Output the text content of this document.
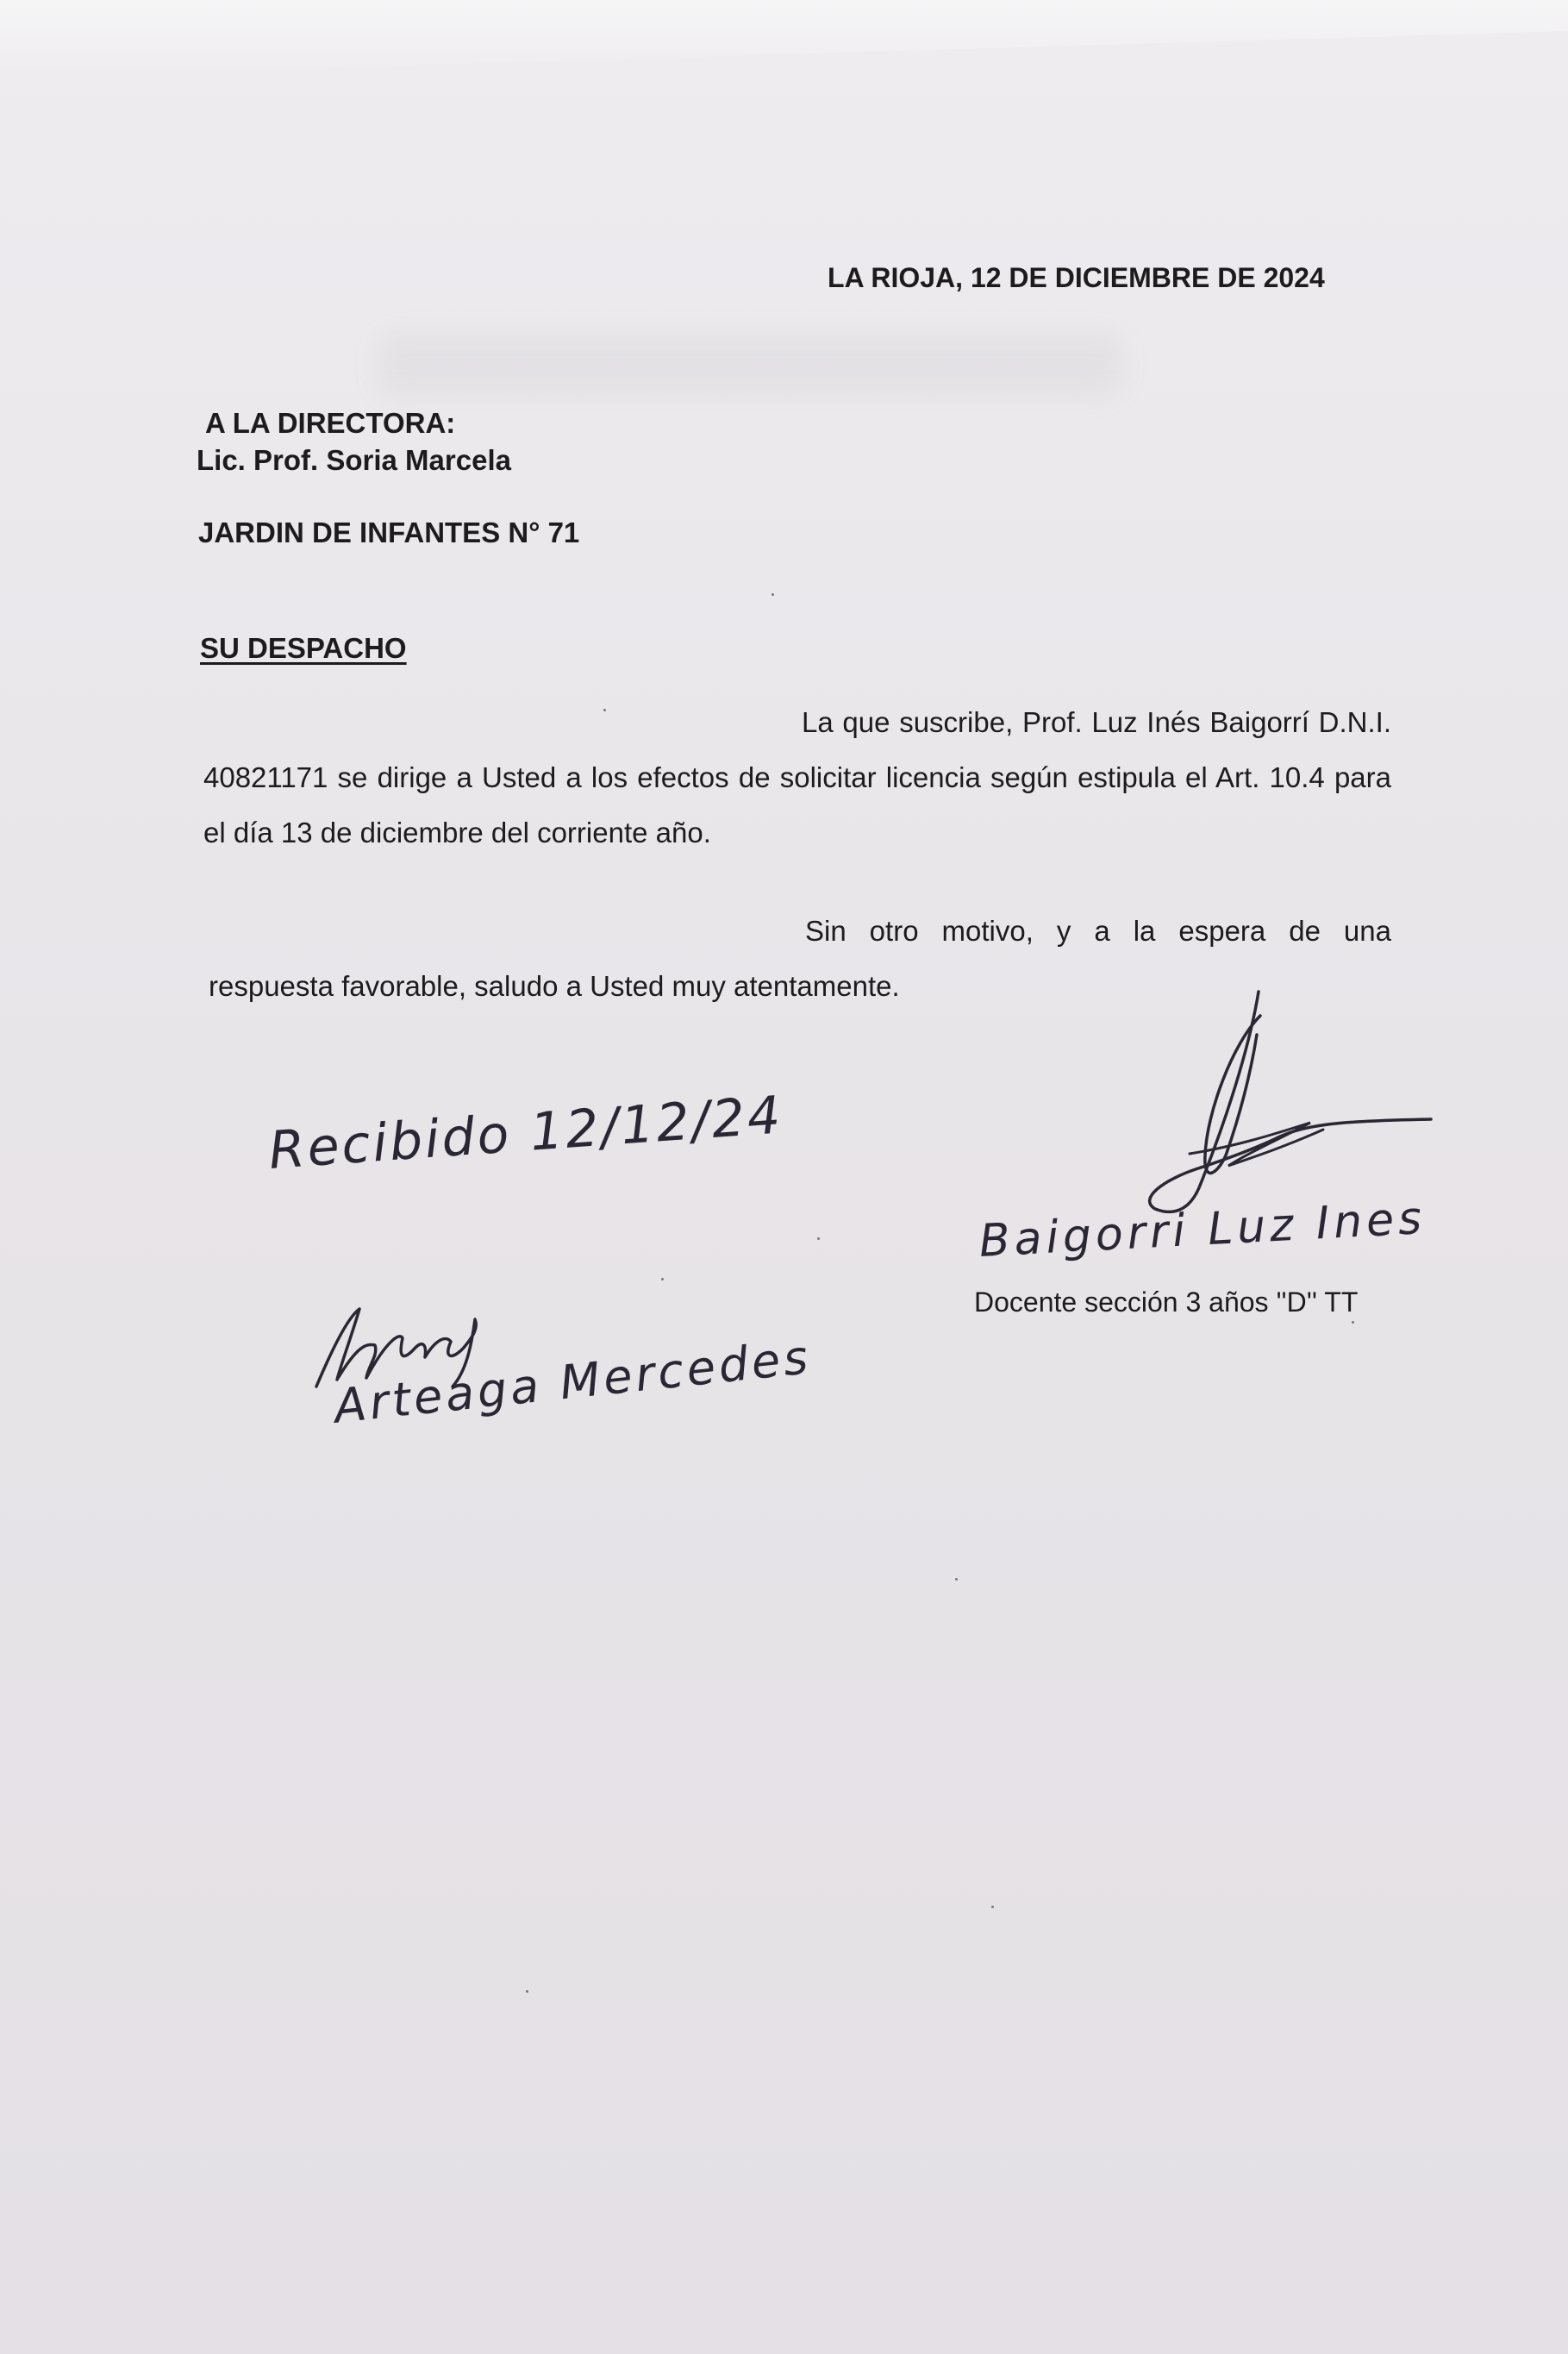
LA RIOJA, 12 DE DICIEMBRE DE 2024
A LA DIRECTORA:
Lic. Prof. Soria Marcela
JARDIN DE INFANTES N° 71
SU DESPACHO
La que suscribe, Prof. Luz Inés Baigorrí D.N.I. 40821171 se dirige a Usted a los efectos de solicitar licencia según estipula el Art. 10.4 para el día 13 de diciembre del corriente año.
Sin otro motivo, y a la espera de una respuesta favorable, saludo a Usted muy atentamente.
Baigorri Luz Ines
Docente sección 3 años ''D'' TT
Recibido 12/12/24
Arteaga Mercedes
